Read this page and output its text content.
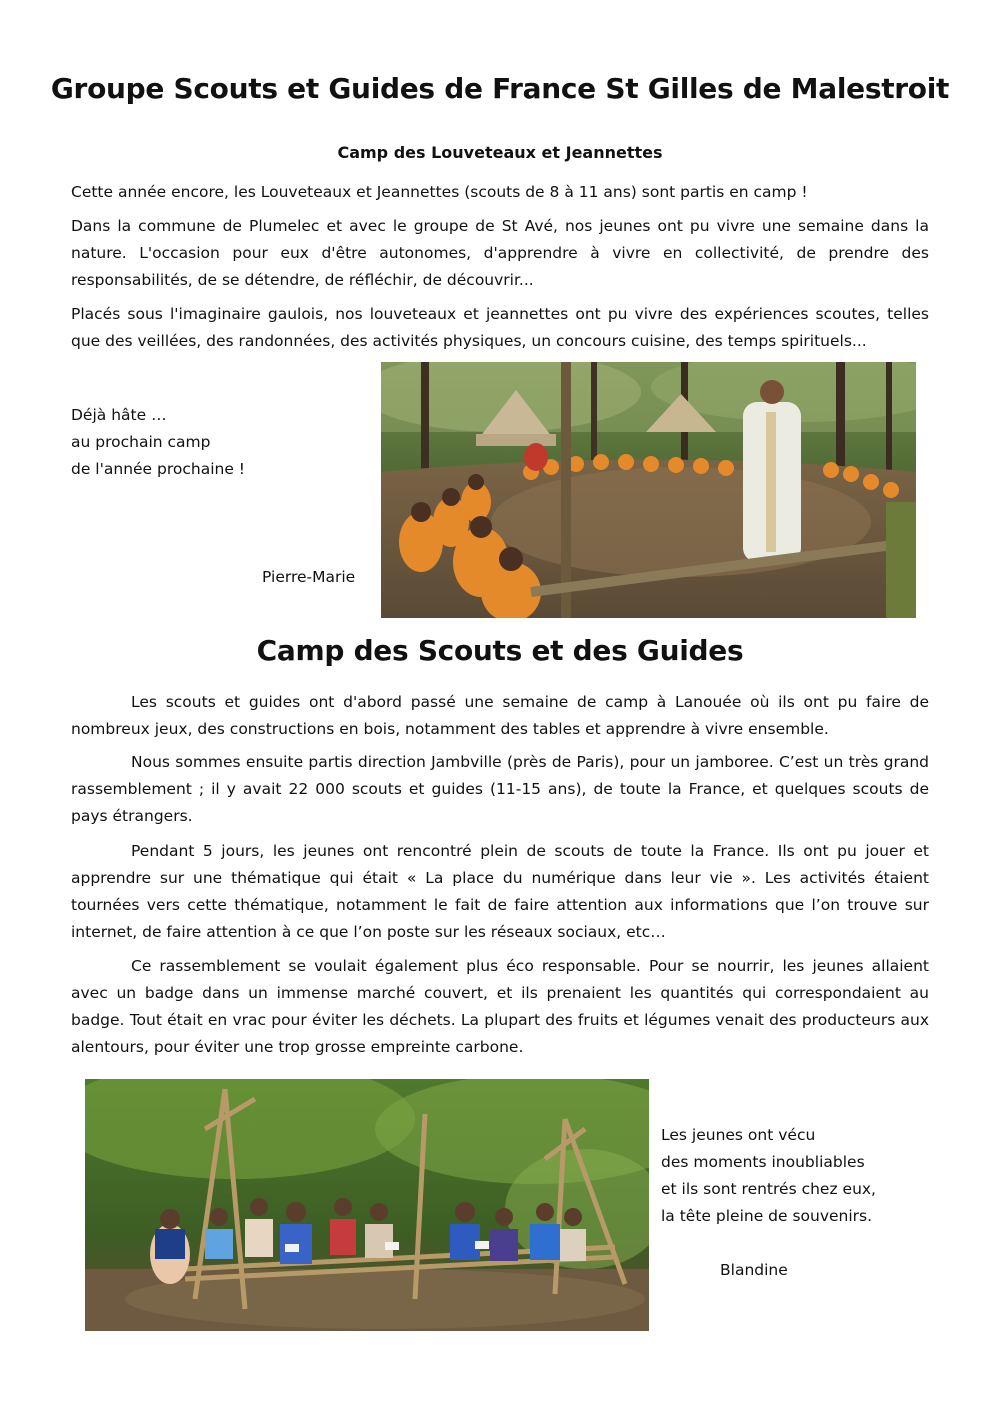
Groupe Scouts et Guides de France St Gilles de Malestroit
Camp des Louveteaux et Jeannettes

Cette année encore, les Louveteaux et Jeannettes (scouts de 8 à 11 ans) sont partis en camp !

Dans la commune de Plumelec et avec le groupe de St Avé, nos jeunes ont pu vivre une semaine dans la nature. L'occasion pour eux d'être autonomes, d'apprendre à vivre en collectivité, de prendre des responsabilités, de se détendre, de réfléchir, de découvrir...

Placés sous l'imaginaire gaulois, nos louveteaux et jeannettes ont pu vivre des expériences scoutes, telles que des veillées, des randonnées, des activités physiques, un concours cuisine, des temps spirituels...

Déjà hâte …
au prochain camp
de l'année prochaine !

Pierre-Marie

Camp des Scouts et des Guides

Les scouts et guides ont d'abord passé une semaine de camp à Lanouée où ils ont pu faire de nombreux jeux, des constructions en bois, notamment des tables et apprendre à vivre ensemble.

Nous sommes ensuite partis direction Jambville (près de Paris), pour un jamboree. C’est un très grand rassemblement ; il y avait 22 000 scouts et guides (11-15 ans), de toute la France, et quelques scouts de pays étrangers.

Pendant 5 jours, les jeunes ont rencontré plein de scouts de toute la France. Ils ont pu jouer et apprendre sur une thématique qui était « La place du numérique dans leur vie ». Les activités étaient tournées vers cette thématique, notamment le fait de faire attention aux informations que l’on trouve sur internet, de faire attention à ce que l’on poste sur les réseaux sociaux, etc…

Ce rassemblement se voulait également plus éco responsable. Pour se nourrir, les jeunes allaient avec un badge dans un immense marché couvert, et ils prenaient les quantités qui correspondaient au badge. Tout était en vrac pour éviter les déchets. La plupart des fruits et légumes venait des producteurs aux alentours, pour éviter une trop grosse empreinte carbone.

Les jeunes ont vécu
des moments inoubliables
et ils sont rentrés chez eux,
la tête pleine de souvenirs.

Blandine
